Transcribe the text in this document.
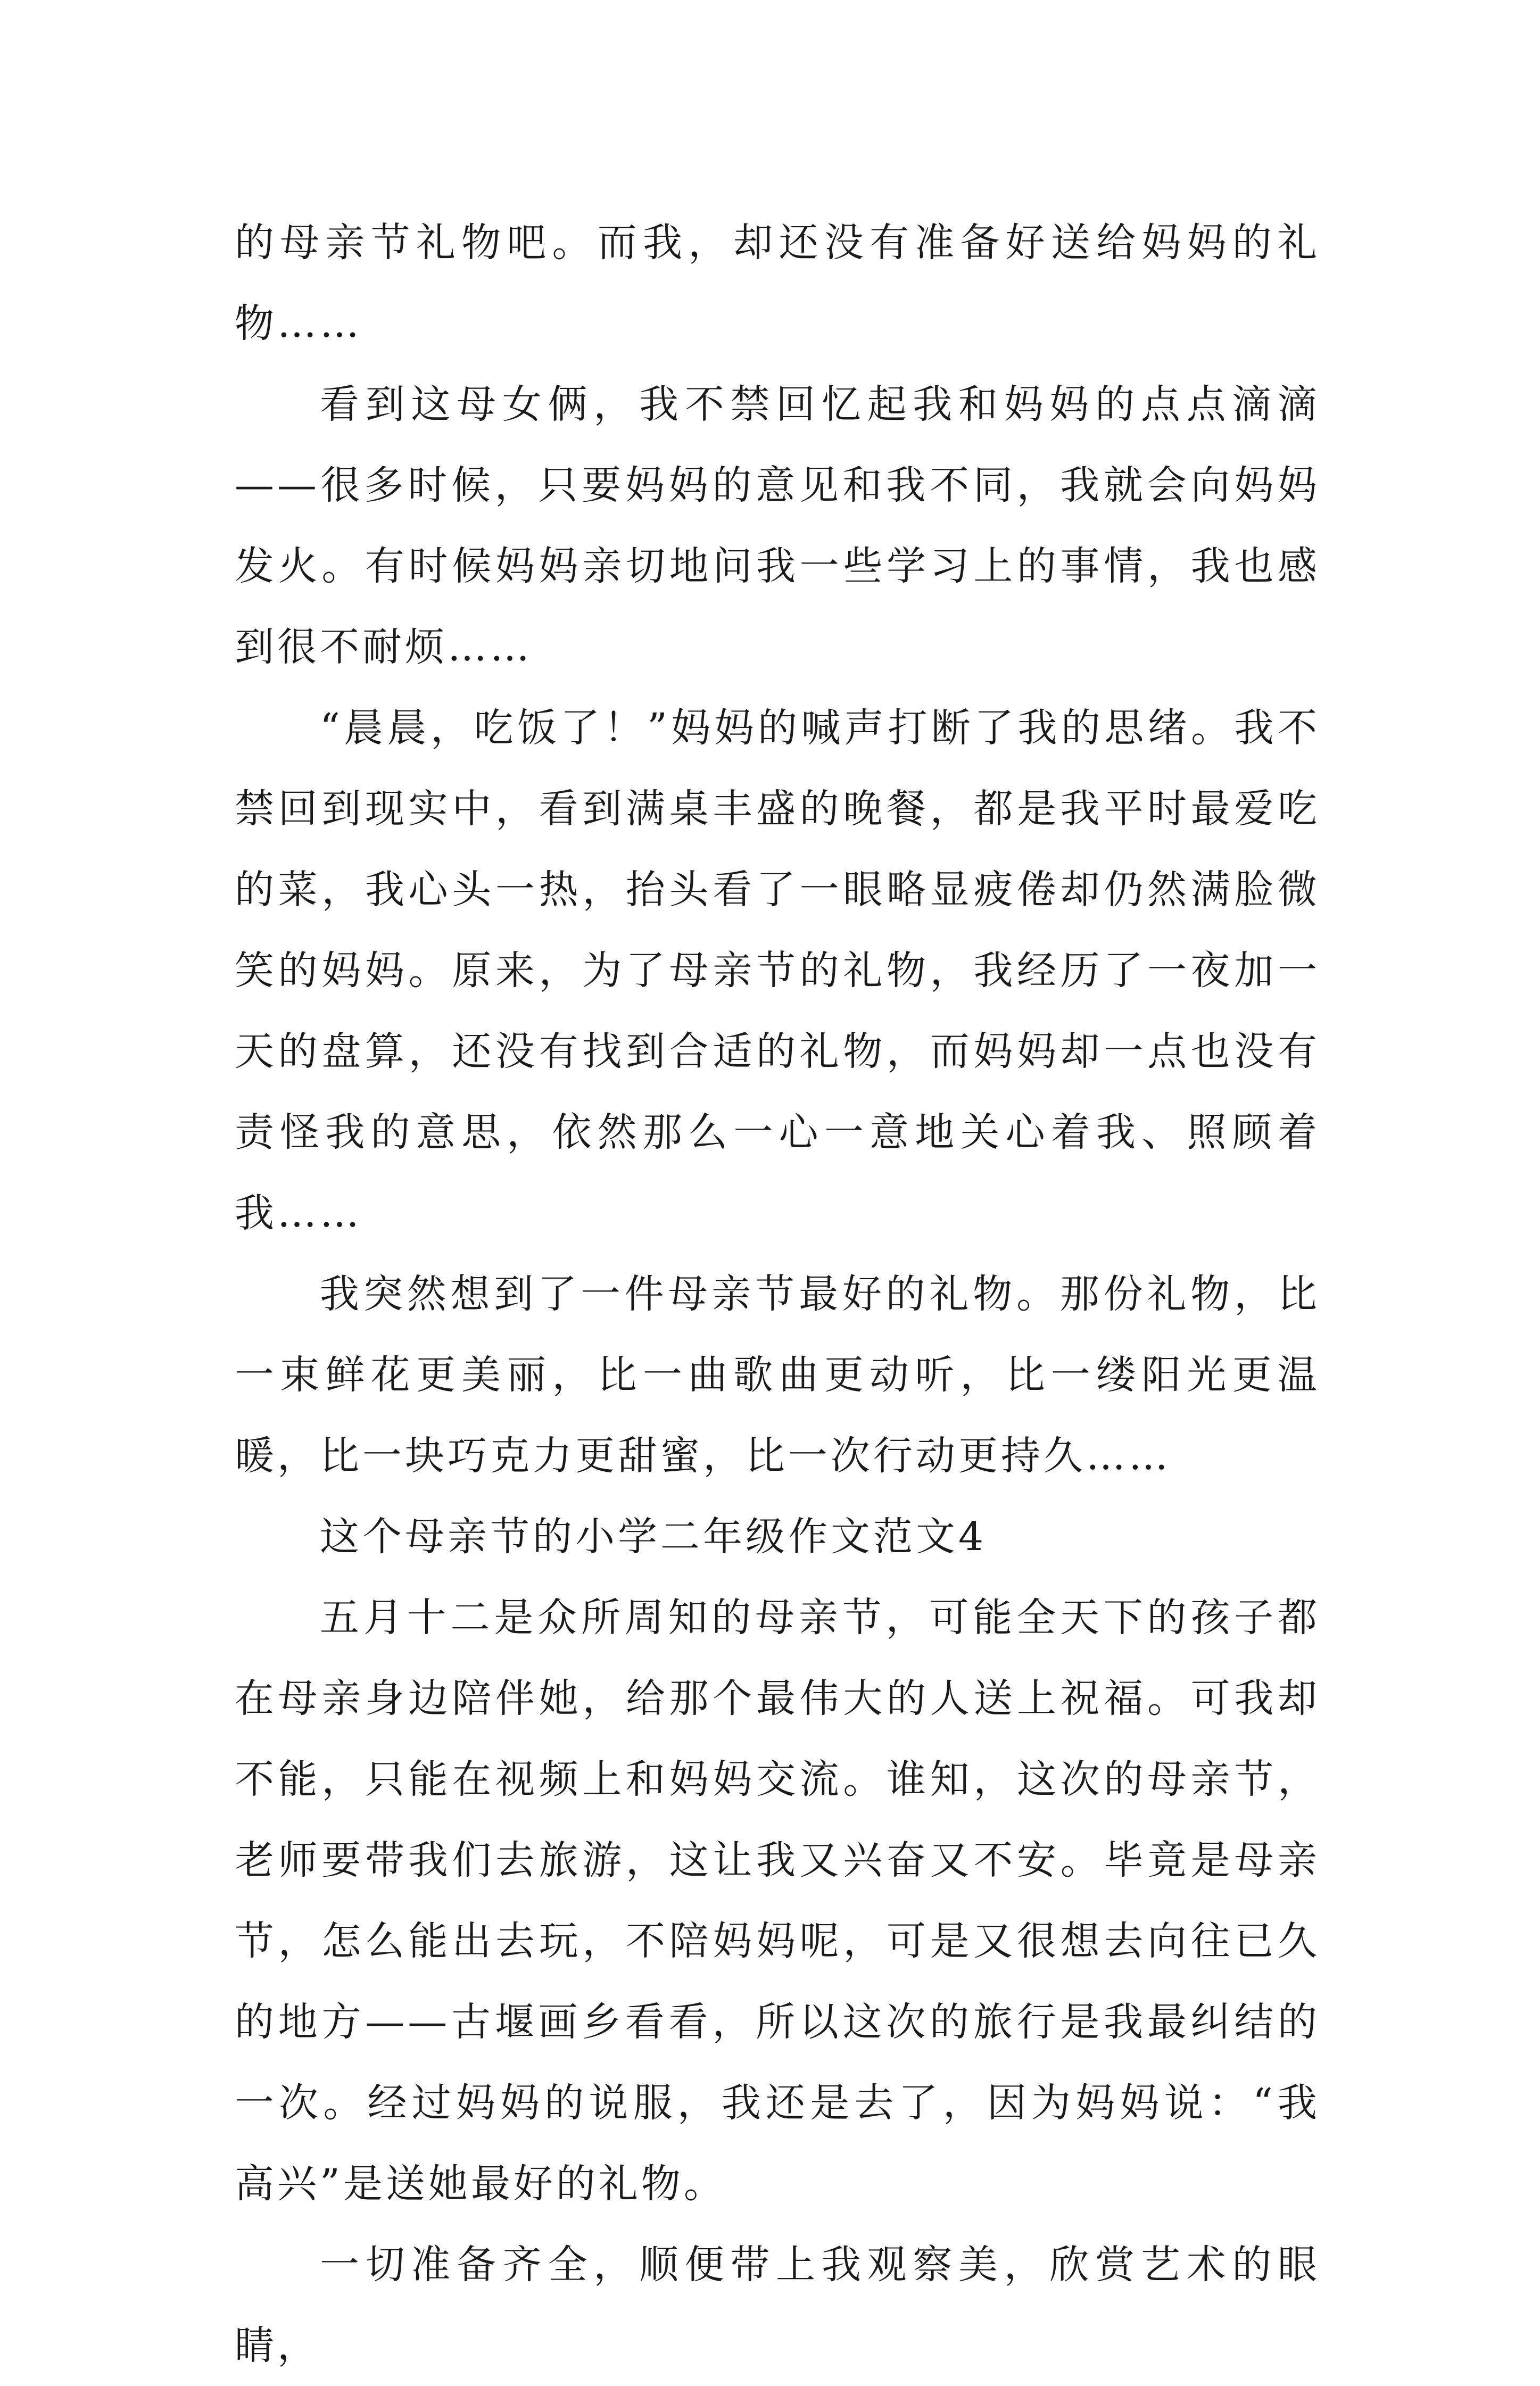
的母亲节礼物吧。而我，却还没有准备好送给妈妈的礼物……

看到这母女俩，我不禁回忆起我和妈妈的点点滴滴——很多时候，只要妈妈的意见和我不同，我就会向妈妈发火。有时候妈妈亲切地问我一些学习上的事情，我也感到很不耐烦……

“晨晨，吃饭了！”妈妈的喊声打断了我的思绪。我不禁回到现实中，看到满桌丰盛的晚餐，都是我平时最爱吃的菜，我心头一热，抬头看了一眼略显疲倦却仍然满脸微笑的妈妈。原来，为了母亲节的礼物，我经历了一夜加一天的盘算，还没有找到合适的礼物，而妈妈却一点也没有责怪我的意思，依然那么一心一意地关心着我、照顾着我……

我突然想到了一件母亲节最好的礼物。那份礼物，比一束鲜花更美丽，比一曲歌曲更动听，比一缕阳光更温暖，比一块巧克力更甜蜜，比一次行动更持久……

这个母亲节的小学二年级作文范文4

五月十二是众所周知的母亲节，可能全天下的孩子都在母亲身边陪伴她，给那个最伟大的人送上祝福。可我却不能，只能在视频上和妈妈交流。谁知，这次的母亲节，老师要带我们去旅游，这让我又兴奋又不安。毕竟是母亲节，怎么能出去玩，不陪妈妈呢，可是又很想去向往已久的地方——古堰画乡看看，所以这次的旅行是我最纠结的一次。经过妈妈的说服，我还是去了，因为妈妈说：“我高兴”是送她最好的礼物。

一切准备齐全，顺便带上我观察美，欣赏艺术的眼睛，
